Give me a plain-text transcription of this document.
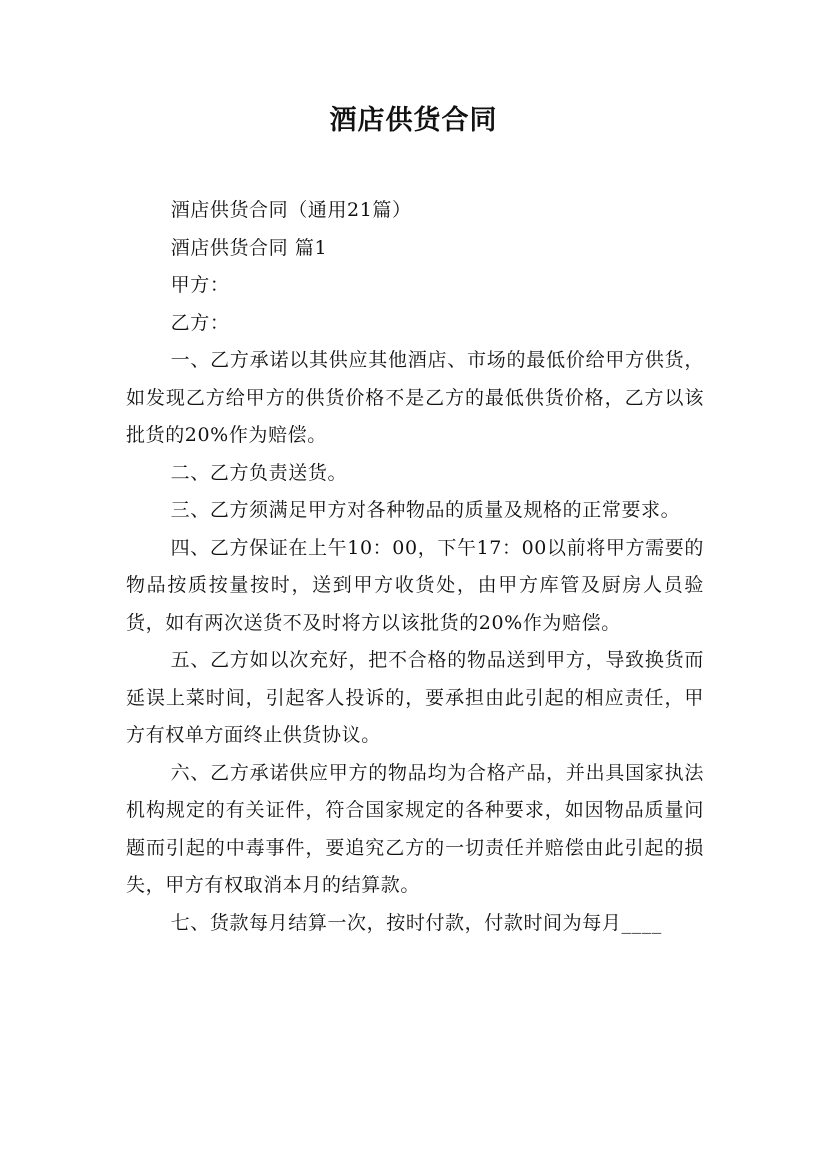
酒店供货合同

酒店供货合同（通用21篇）

酒店供货合同 篇1

甲方：

乙方：

一、乙方承诺以其供应其他酒店、市场的最低价给甲方供货，如发现乙方给甲方的供货价格不是乙方的最低供货价格，乙方以该批货的20%作为赔偿。

二、乙方负责送货。

三、乙方须满足甲方对各种物品的质量及规格的正常要求。

四、乙方保证在上午10：00，下午17：00以前将甲方需要的物品按质按量按时，送到甲方收货处，由甲方库管及厨房人员验货，如有两次送货不及时将方以该批货的20%作为赔偿。

五、乙方如以次充好，把不合格的物品送到甲方，导致换货而延误上菜时间，引起客人投诉的，要承担由此引起的相应责任，甲方有权单方面终止供货协议。

六、乙方承诺供应甲方的物品均为合格产品，并出具国家执法机构规定的有关证件，符合国家规定的各种要求，如因物品质量问题而引起的中毒事件，要追究乙方的一切责任并赔偿由此引起的损失，甲方有权取消本月的结算款。

七、货款每月结算一次，按时付款，付款时间为每月____
